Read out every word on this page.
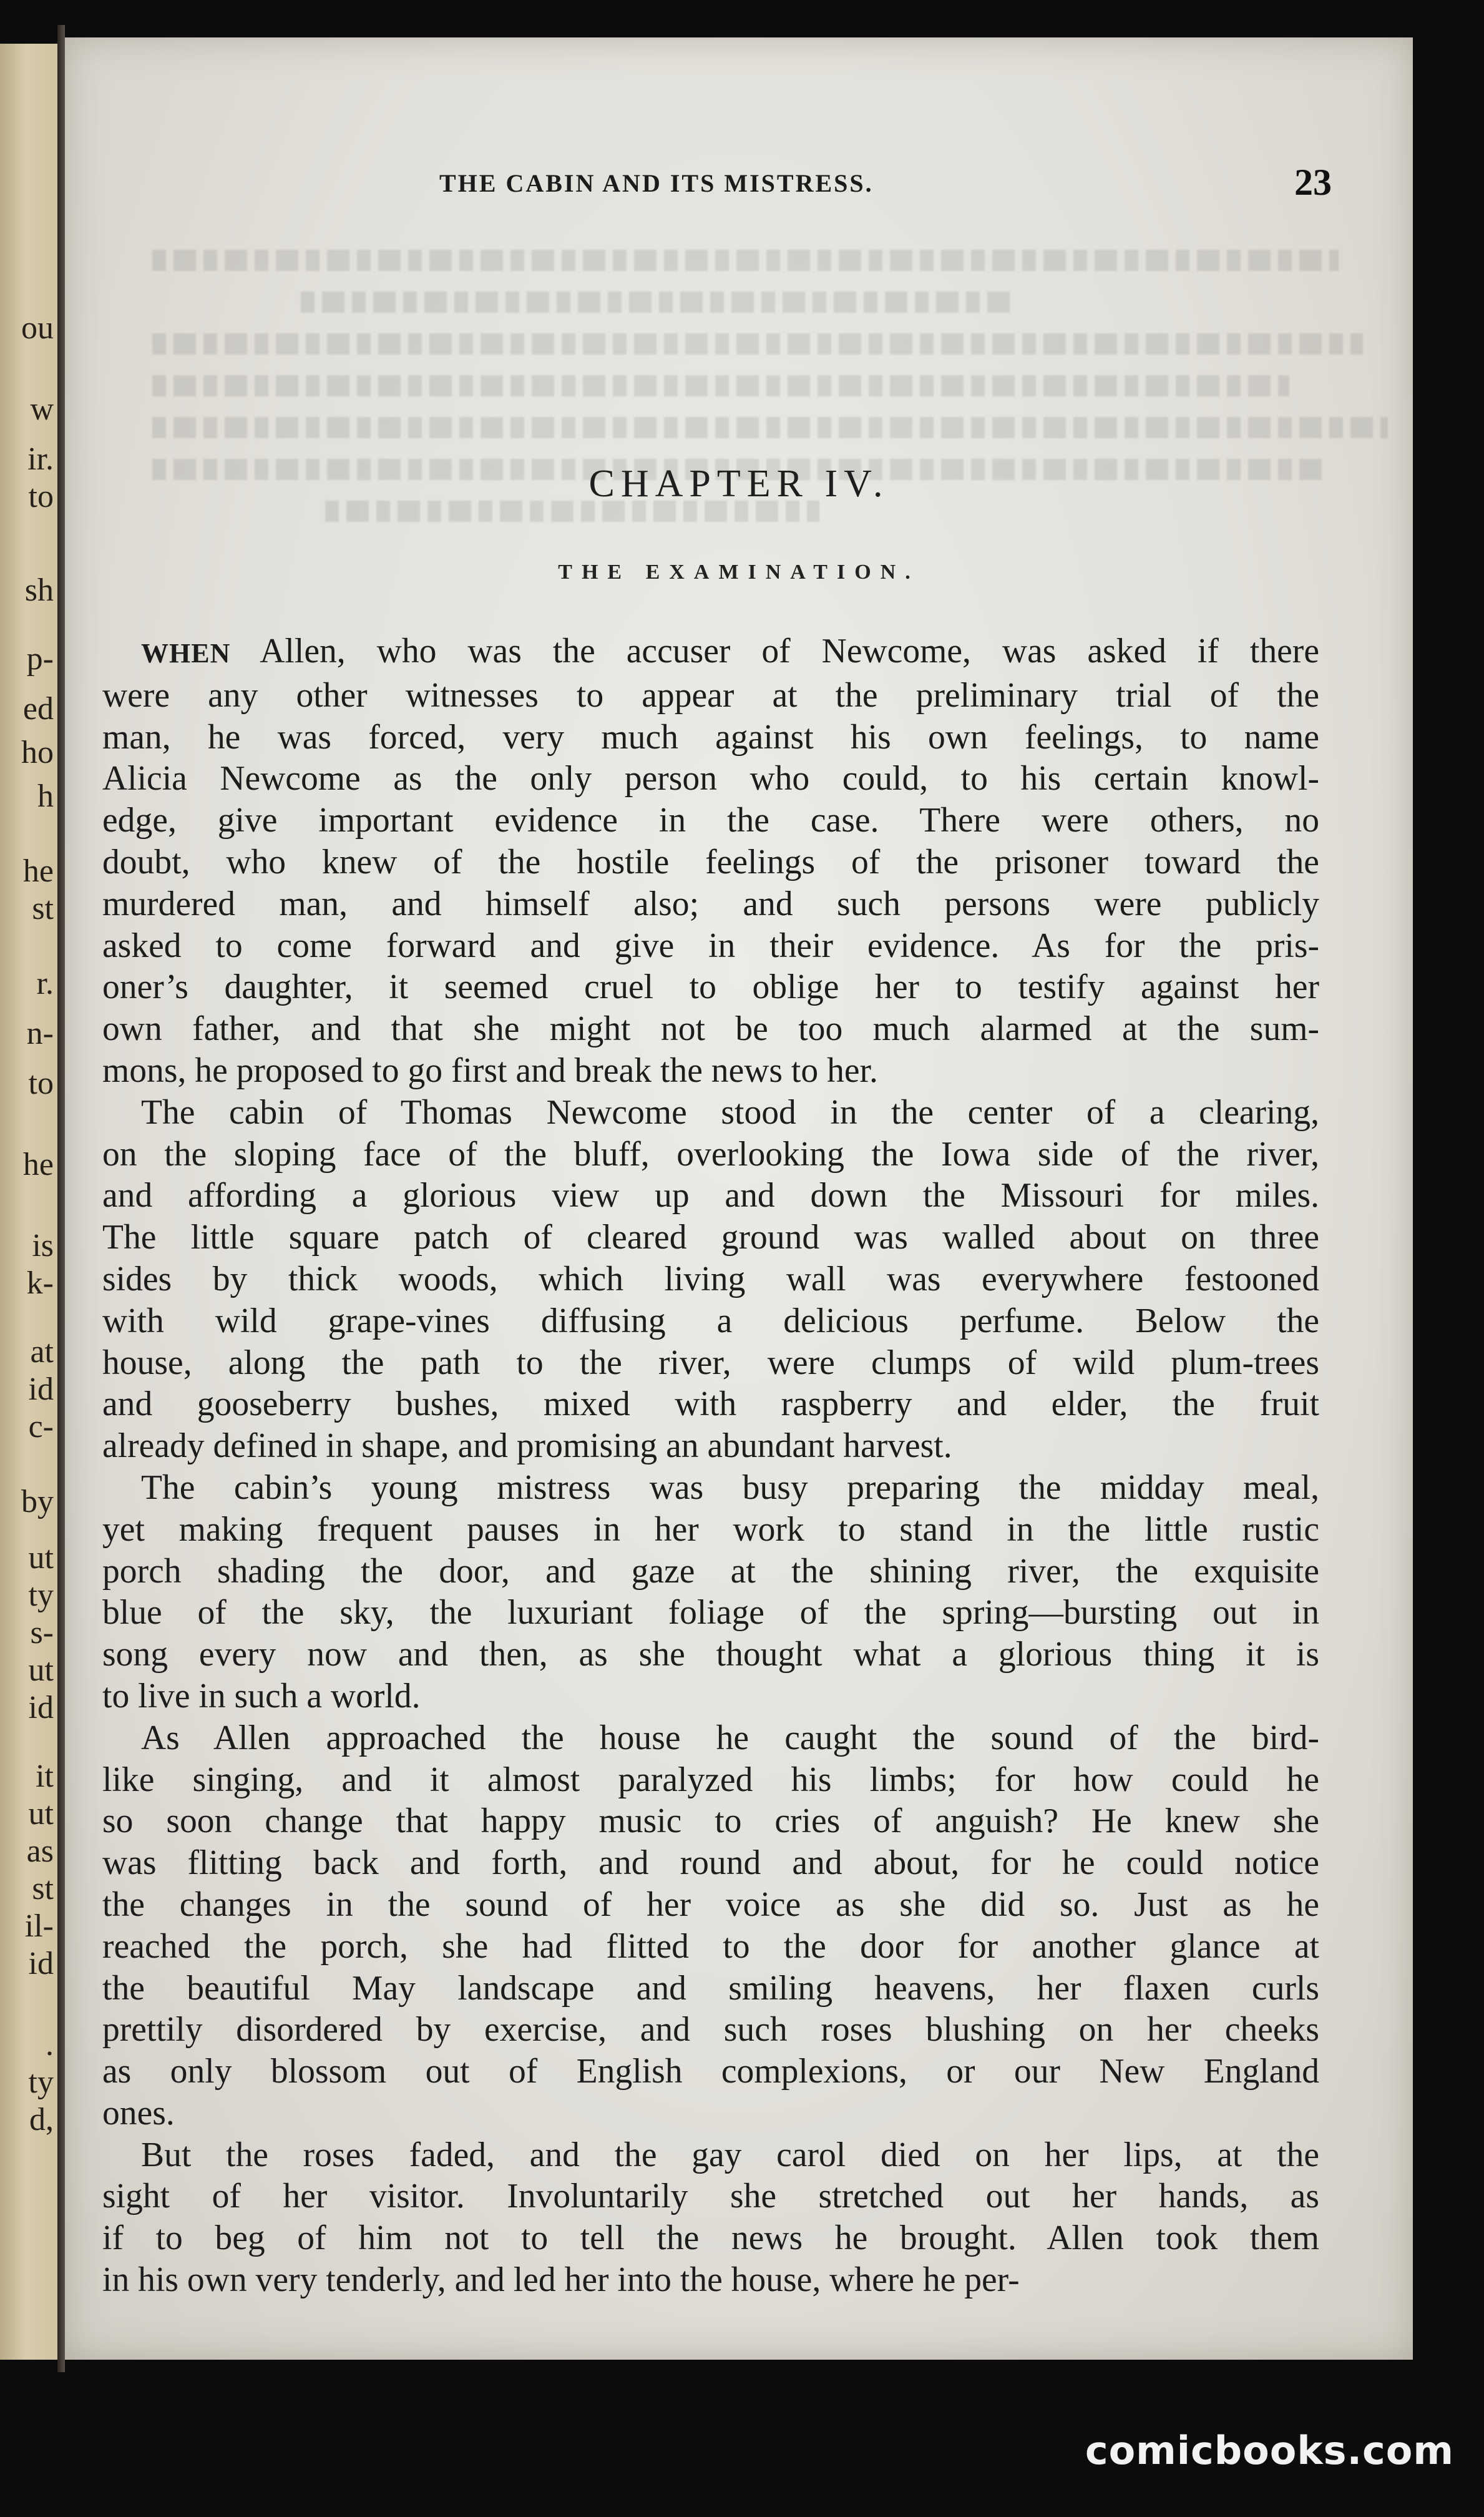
ou
w
ir.
to
sh
p-
ed
ho
h
he
st
r.
n-
to
he
is
k-
at
id
c-
by
ut
ty
s-
ut
id
it
ut
as
st
il-
id
.
ty
d,
THE CABIN AND ITS MISTRESS.	23
CHAPTER IV.
THE EXAMINATION.
WHEN Allen, who was the accuser of Newcome, was asked if there
were any other witnesses to appear at the preliminary trial of the
man, he was forced, very much against his own feelings, to name
Alicia Newcome as the only person who could, to his certain knowl-
edge, give important evidence in the case. There were others, no
doubt, who knew of the hostile feelings of the prisoner toward the
murdered man, and himself also; and such persons were publicly
asked to come forward and give in their evidence. As for the pris-
oner’s daughter, it seemed cruel to oblige her to testify against her
own father, and that she might not be too much alarmed at the sum-
mons, he proposed to go first and break the news to her.
The cabin of Thomas Newcome stood in the center of a clearing,
on the sloping face of the bluff, overlooking the Iowa side of the river,
and affording a glorious view up and down the Missouri for miles.
The little square patch of cleared ground was walled about on three
sides by thick woods, which living wall was everywhere festooned
with wild grape-vines diffusing a delicious perfume. Below the
house, along the path to the river, were clumps of wild plum-trees
and gooseberry bushes, mixed with raspberry and elder, the fruit
already defined in shape, and promising an abundant harvest.
The cabin’s young mistress was busy preparing the midday meal,
yet making frequent pauses in her work to stand in the little rustic
porch shading the door, and gaze at the shining river, the exquisite
blue of the sky, the luxuriant foliage of the spring—bursting out in
song every now and then, as she thought what a glorious thing it is
to live in such a world.
As Allen approached the house he caught the sound of the bird-
like singing, and it almost paralyzed his limbs; for how could he
so soon change that happy music to cries of anguish? He knew she
was flitting back and forth, and round and about, for he could notice
the changes in the sound of her voice as she did so. Just as he
reached the porch, she had flitted to the door for another glance at
the beautiful May landscape and smiling heavens, her flaxen curls
prettily disordered by exercise, and such roses blushing on her cheeks
as only blossom out of English complexions, or our New England
ones.
But the roses faded, and the gay carol died on her lips, at the
sight of her visitor. Involuntarily she stretched out her hands, as
if to beg of him not to tell the news he brought. Allen took them
in his own very tenderly, and led her into the house, where he per-
comicbooks.com
